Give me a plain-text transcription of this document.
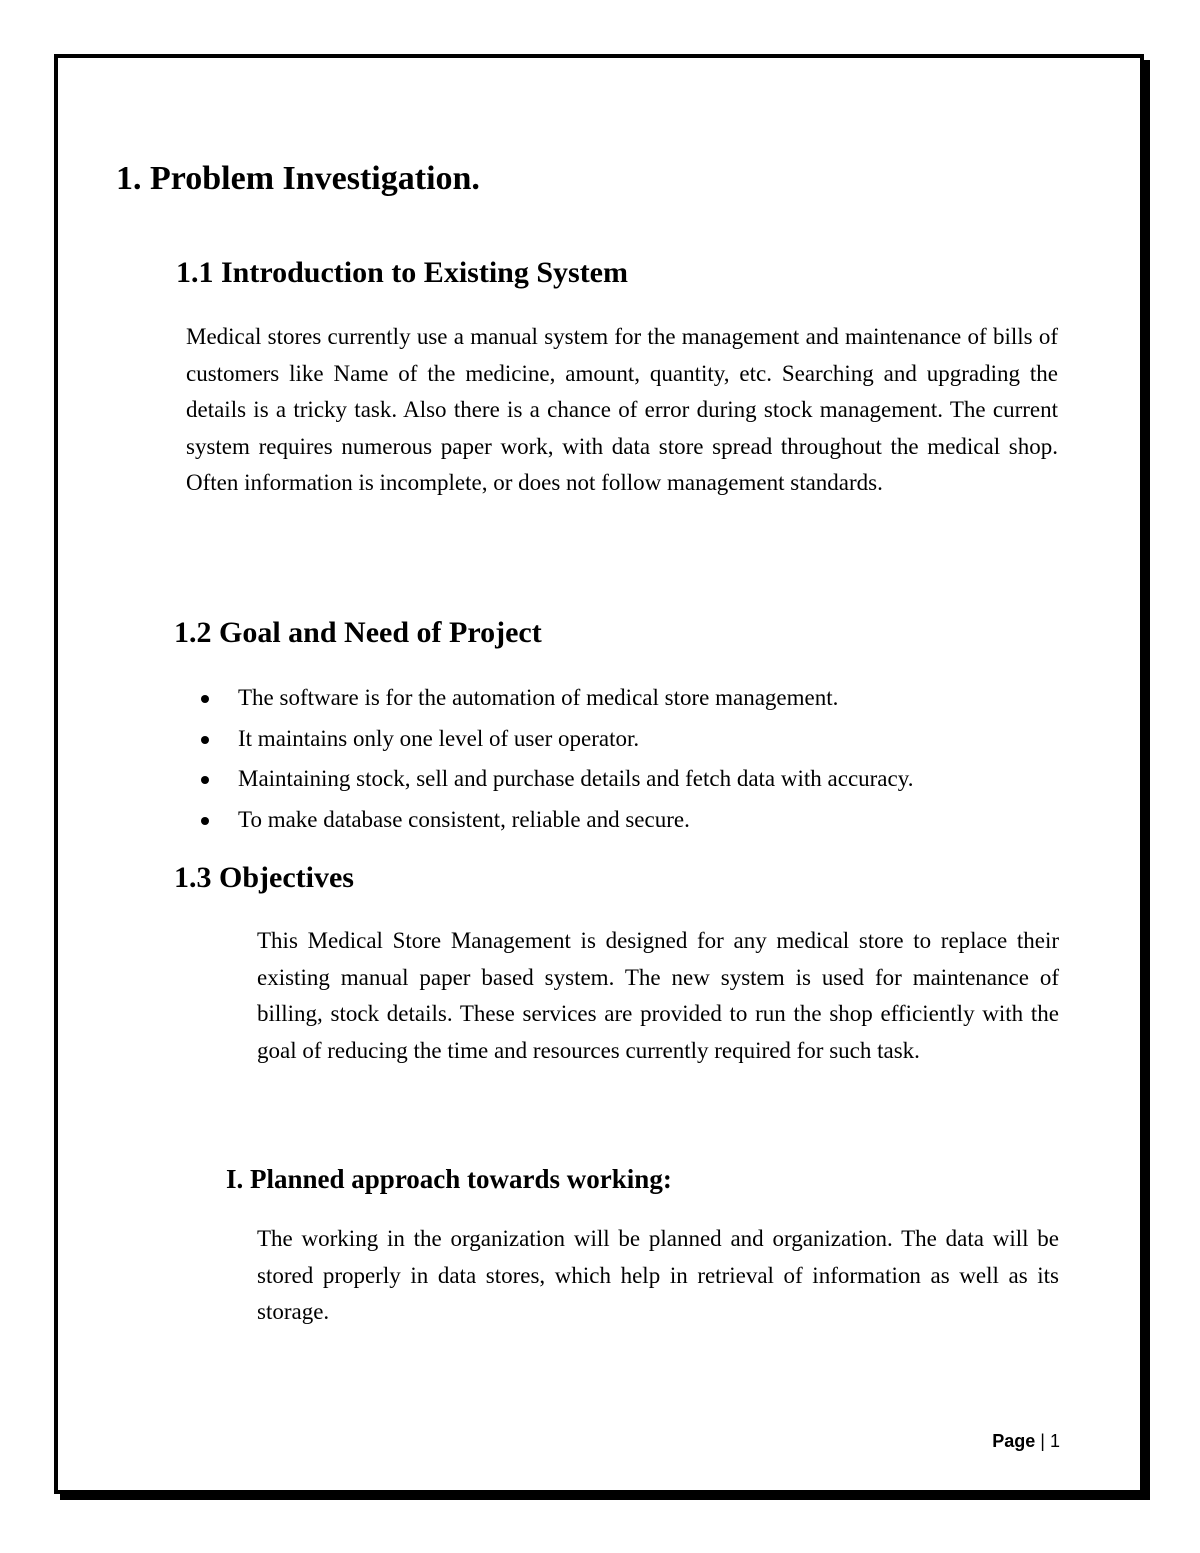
1. Problem Investigation.
1.1 Introduction to Existing System

Medical stores currently use a manual system for the management and maintenance of bills of customers like Name of the medicine, amount, quantity, etc. Searching and upgrading the details is a tricky task. Also there is a chance of error during stock management. The current system requires numerous paper work, with data store spread throughout the medical shop. Often information is incomplete, or does not follow management standards.

1.2 Goal and Need of Project
The software is for the automation of medical store management.
It maintains only one level of user operator.
Maintaining stock, sell and purchase details and fetch data with accuracy.
To make database consistent, reliable and secure.
1.3 Objectives

This Medical Store Management is designed for any medical store to replace their existing manual paper based system. The new system is used for maintenance of billing, stock details. These services are provided to run the shop efficiently with the goal of reducing the time and resources currently required for such task.

I. Planned approach towards working:

The working in the organization will be planned and organization. The data will be stored properly in data stores, which help in retrieval of information as well as its storage.

Page | 1
